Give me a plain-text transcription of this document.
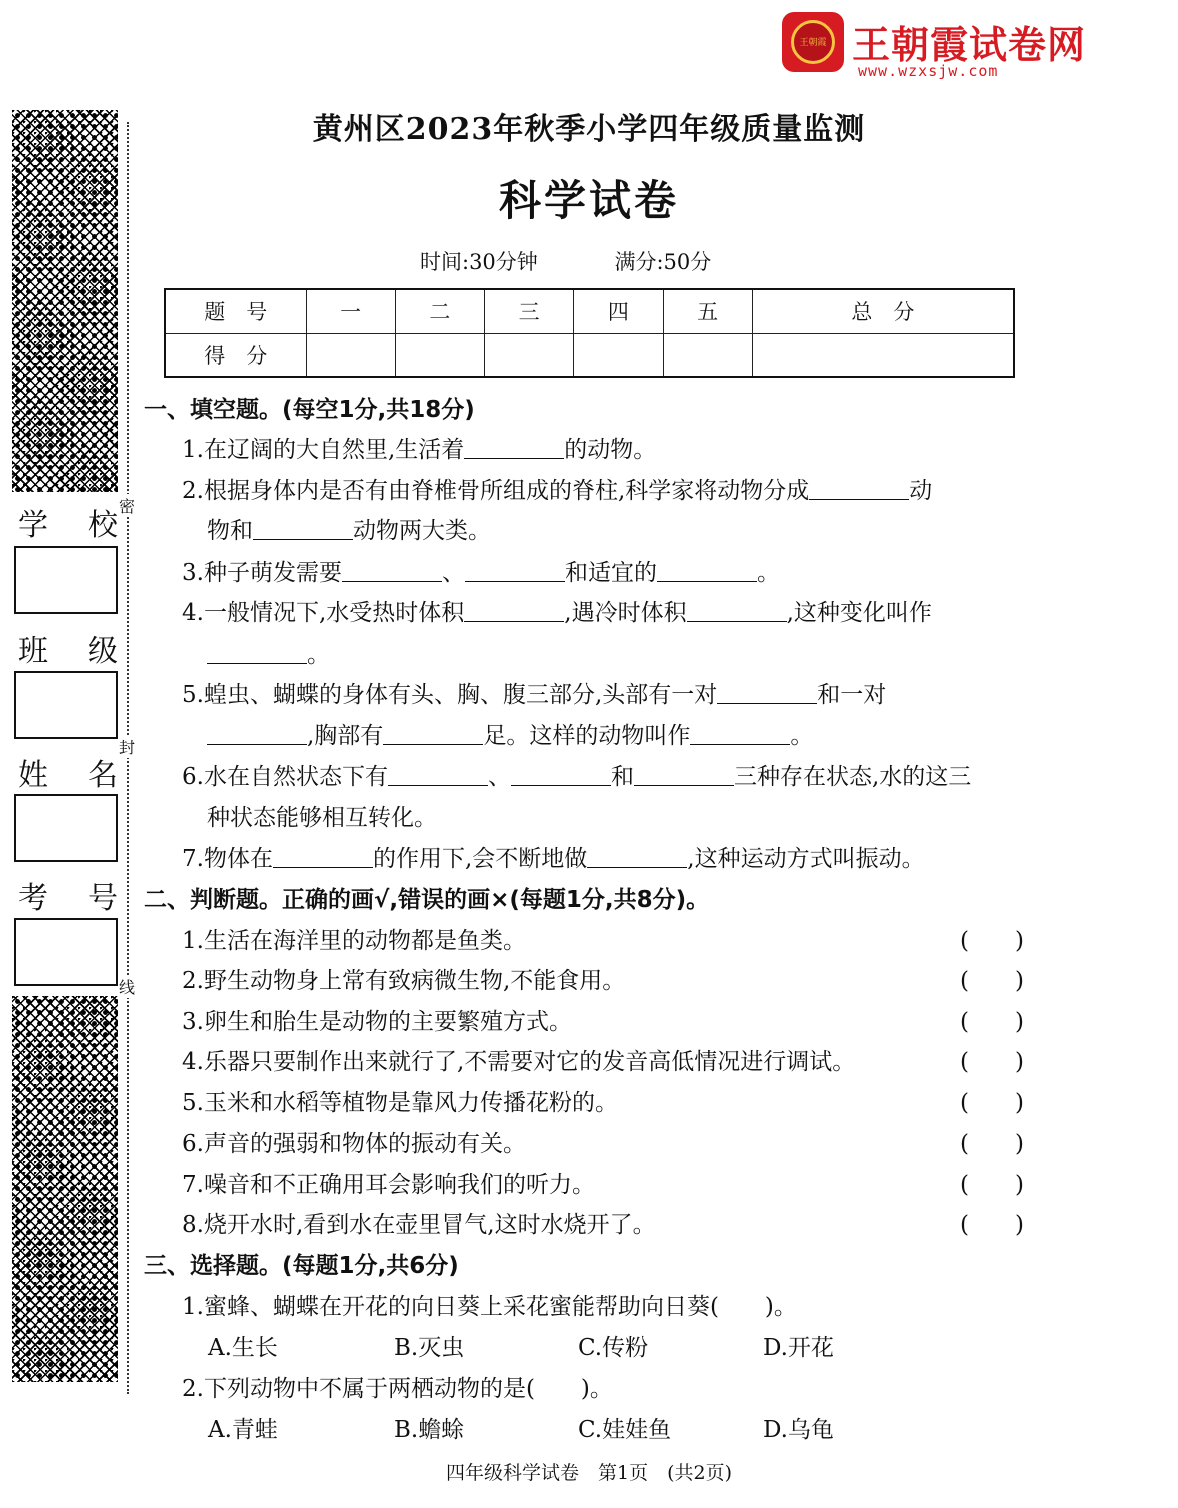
王朝霞 王朝霞试卷网
www.wzxsjw.com
学 校
班 级
姓 名
考 号
密
封
线
黄州区2023年秋季小学四年级质量监测
科学试卷
时间:30分钟	满分:50分
题　号	一	二	三	四	五	总　分
得　分						
一、填空题。(每空1分,共18分)
1.在辽阔的大自然里,生活着	的动物。
2.根据身体内是否有由脊椎骨所组成的脊柱,科学家将动物分成	动
物和	动物两大类。
3.种子萌发需要	、	和适宜的	。
4.一般情况下,水受热时体积	,遇冷时体积	,这种变化叫作
。
5.蝗虫、蝴蝶的身体有头、胸、腹三部分,头部有一对	和一对
,胸部有	足。这样的动物叫作	。
6.水在自然状态下有	、	和	三种存在状态,水的这三
种状态能够相互转化。
7.物体在	的作用下,会不断地做	,这种运动方式叫振动。
二、判断题。正确的画√,错误的画×(每题1分,共8分)。
1.生活在海洋里的动物都是鱼类。	(　　)
2.野生动物身上常有致病微生物,不能食用。	(　　)
3.卵生和胎生是动物的主要繁殖方式。	(　　)
4.乐器只要制作出来就行了,不需要对它的发音高低情况进行调试。	(　　)
5.玉米和水稻等植物是靠风力传播花粉的。	(　　)
6.声音的强弱和物体的振动有关。	(　　)
7.噪音和不正确用耳会影响我们的听力。	(　　)
8.烧开水时,看到水在壶里冒气,这时水烧开了。	(　　)
三、选择题。(每题1分,共6分)
1.蜜蜂、蝴蝶在开花的向日葵上采花蜜能帮助向日葵(　　)。
A.生长	B.灭虫	C.传粉	D.开花
2.下列动物中不属于两栖动物的是(　　)。
A.青蛙	B.蟾蜍	C.娃娃鱼	D.乌龟
四年级科学试卷　第1页　(共2页)
